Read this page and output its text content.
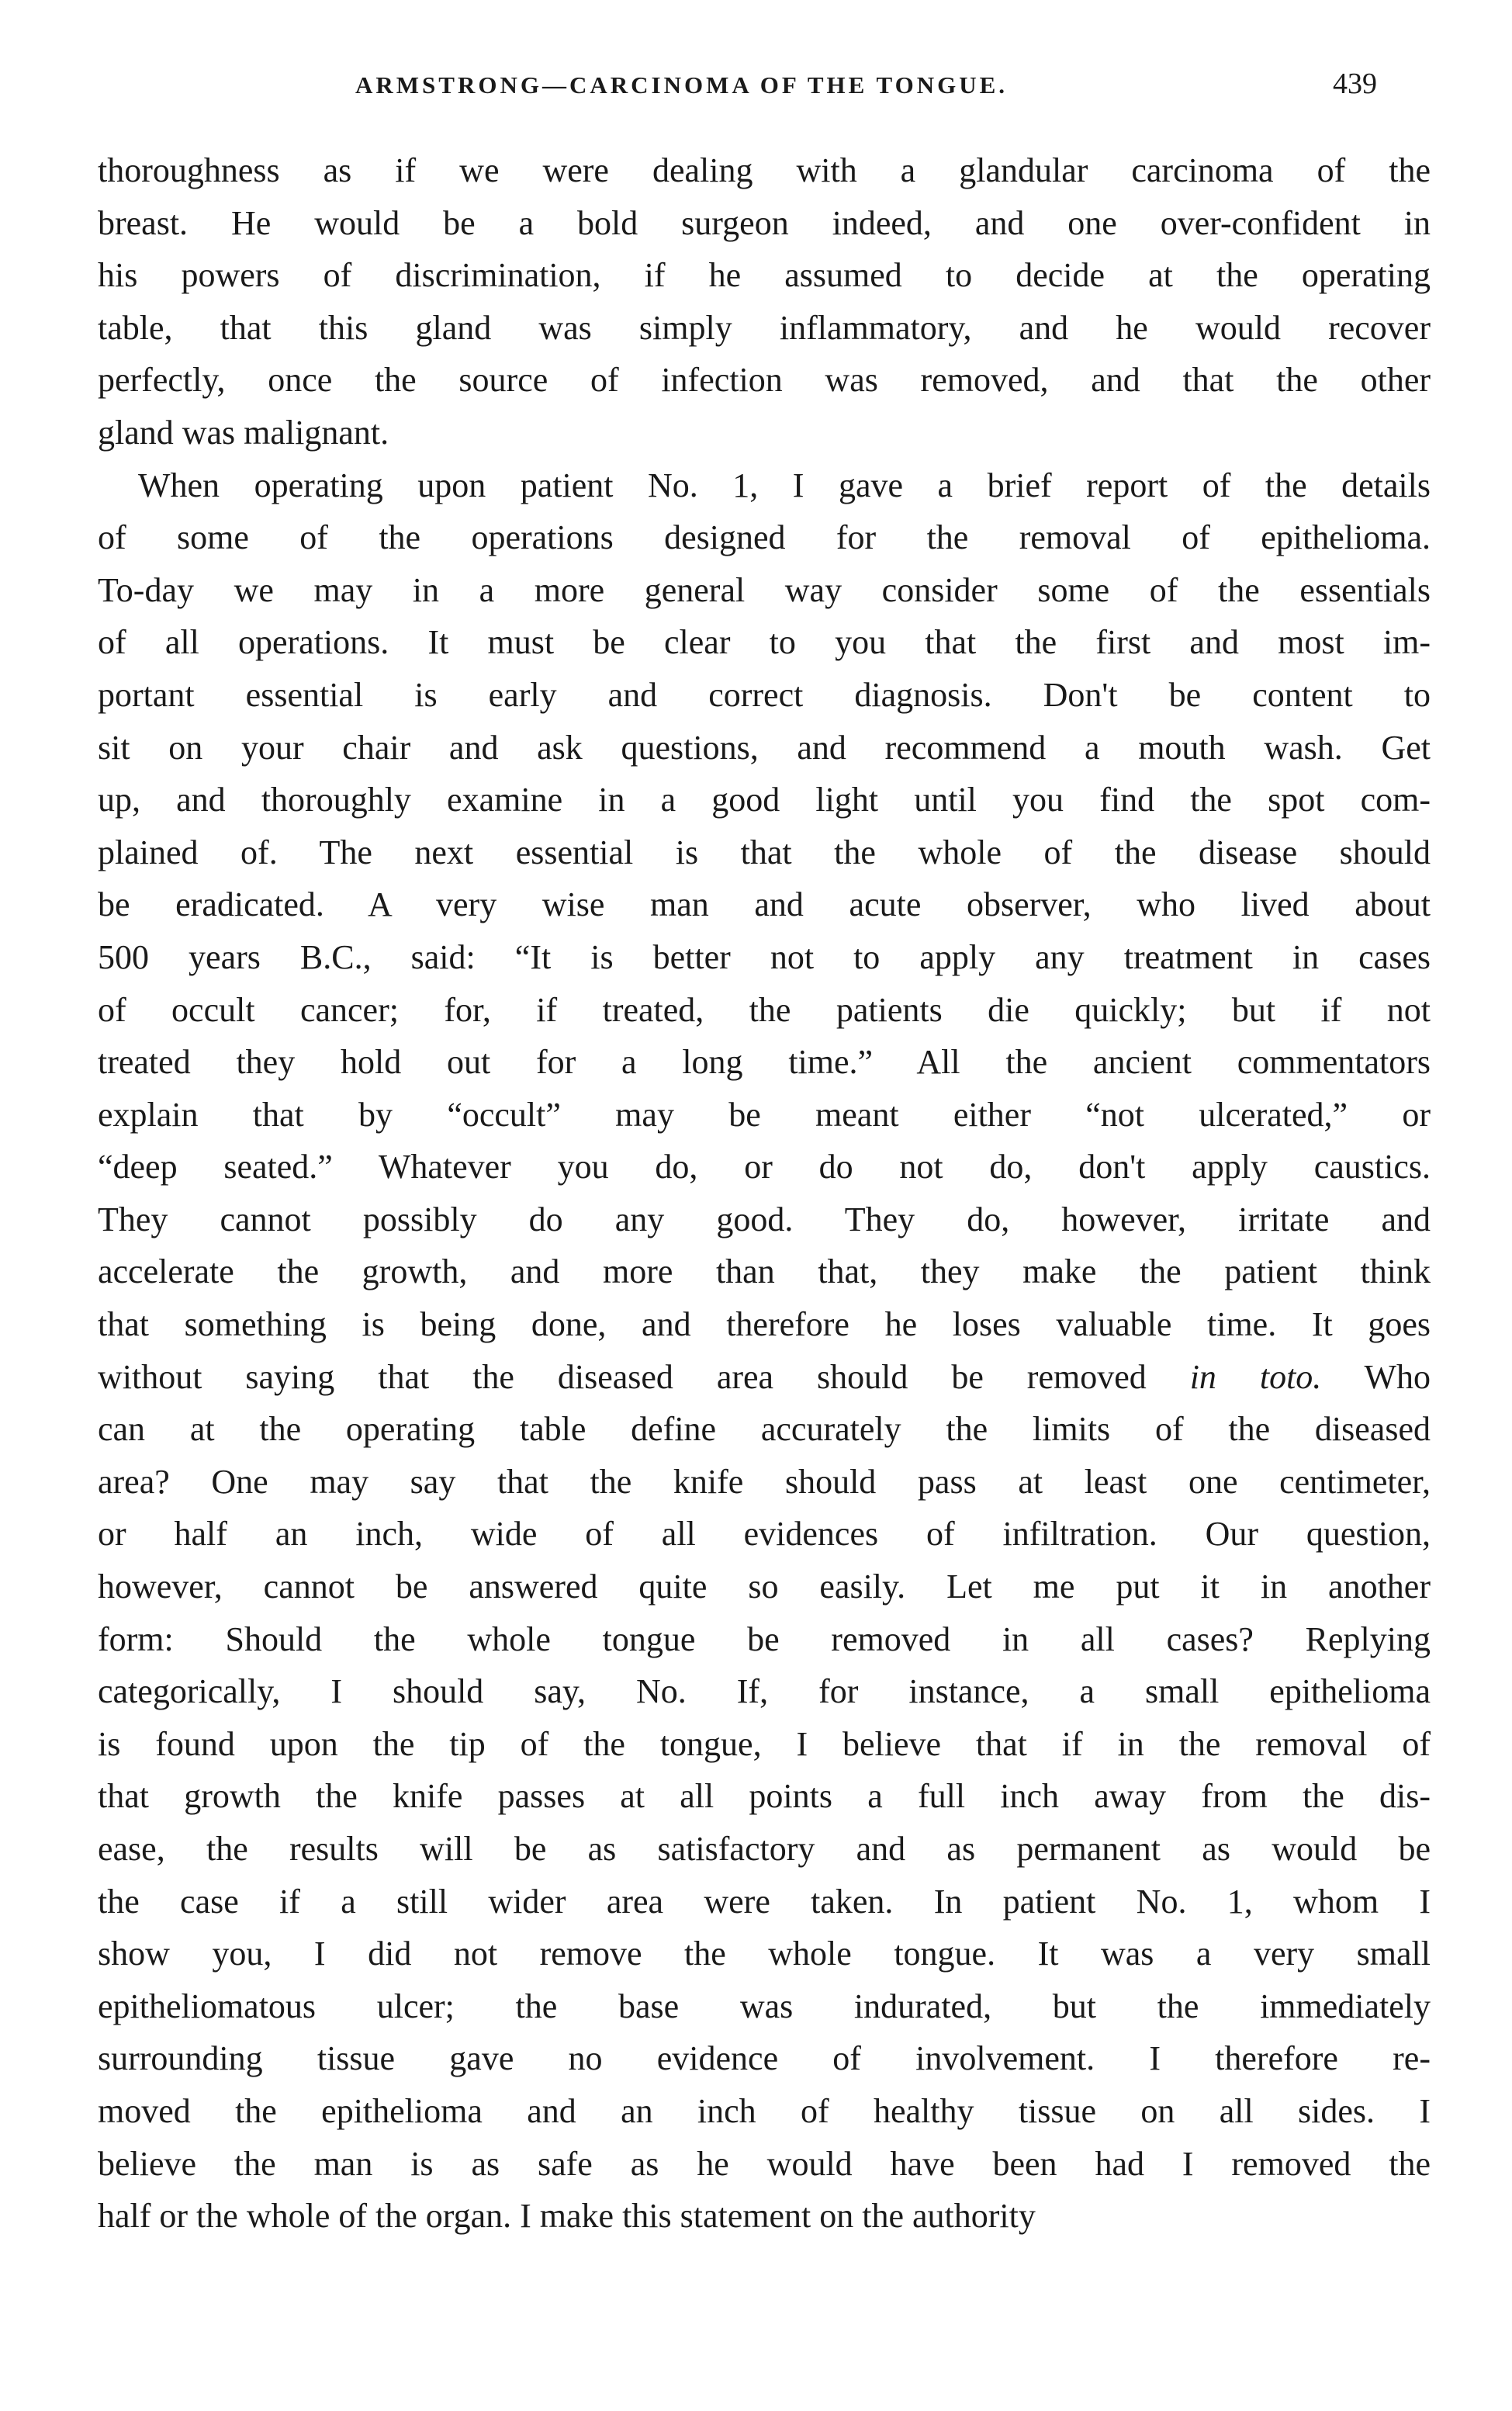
ARMSTRONG—CARCINOMA OF THE TONGUE.	439
thoroughness as if we were dealing with a glandular carcinoma of the
breast. He would be a bold surgeon indeed, and one over-confident in
his powers of discrimination, if he assumed to decide at the operating
table, that this gland was simply inflammatory, and he would recover
perfectly, once the source of infection was removed, and that the other
gland was malignant.
When operating upon patient No. 1, I gave a brief report of the details
of some of the operations designed for the removal of epithelioma.
To-day we may in a more general way consider some of the essentials
of all operations. It must be clear to you that the first and most im-
portant essential is early and correct diagnosis. Don't be content to
sit on your chair and ask questions, and recommend a mouth wash. Get
up, and thoroughly examine in a good light until you find the spot com-
plained of. The next essential is that the whole of the disease should
be eradicated. A very wise man and acute observer, who lived about
500 years B.C., said: “It is better not to apply any treatment in cases
of occult cancer; for, if treated, the patients die quickly; but if not
treated they hold out for a long time.” All the ancient commentators
explain that by “occult” may be meant either “not ulcerated,” or
“deep seated.” Whatever you do, or do not do, don't apply caustics.
They cannot possibly do any good. They do, however, irritate and
accelerate the growth, and more than that, they make the patient think
that something is being done, and therefore he loses valuable time. It goes
without saying that the diseased area should be removed in toto. Who
can at the operating table define accurately the limits of the diseased
area? One may say that the knife should pass at least one centimeter,
or half an inch, wide of all evidences of infiltration. Our question,
however, cannot be answered quite so easily. Let me put it in another
form: Should the whole tongue be removed in all cases? Replying
categorically, I should say, No. If, for instance, a small epithelioma
is found upon the tip of the tongue, I believe that if in the removal of
that growth the knife passes at all points a full inch away from the dis-
ease, the results will be as satisfactory and as permanent as would be
the case if a still wider area were taken. In patient No. 1, whom I
show you, I did not remove the whole tongue. It was a very small
epitheliomatous ulcer; the base was indurated, but the immediately
surrounding tissue gave no evidence of involvement. I therefore re-
moved the epithelioma and an inch of healthy tissue on all sides. I
believe the man is as safe as he would have been had I removed the
half or the whole of the organ. I make this statement on the authority
